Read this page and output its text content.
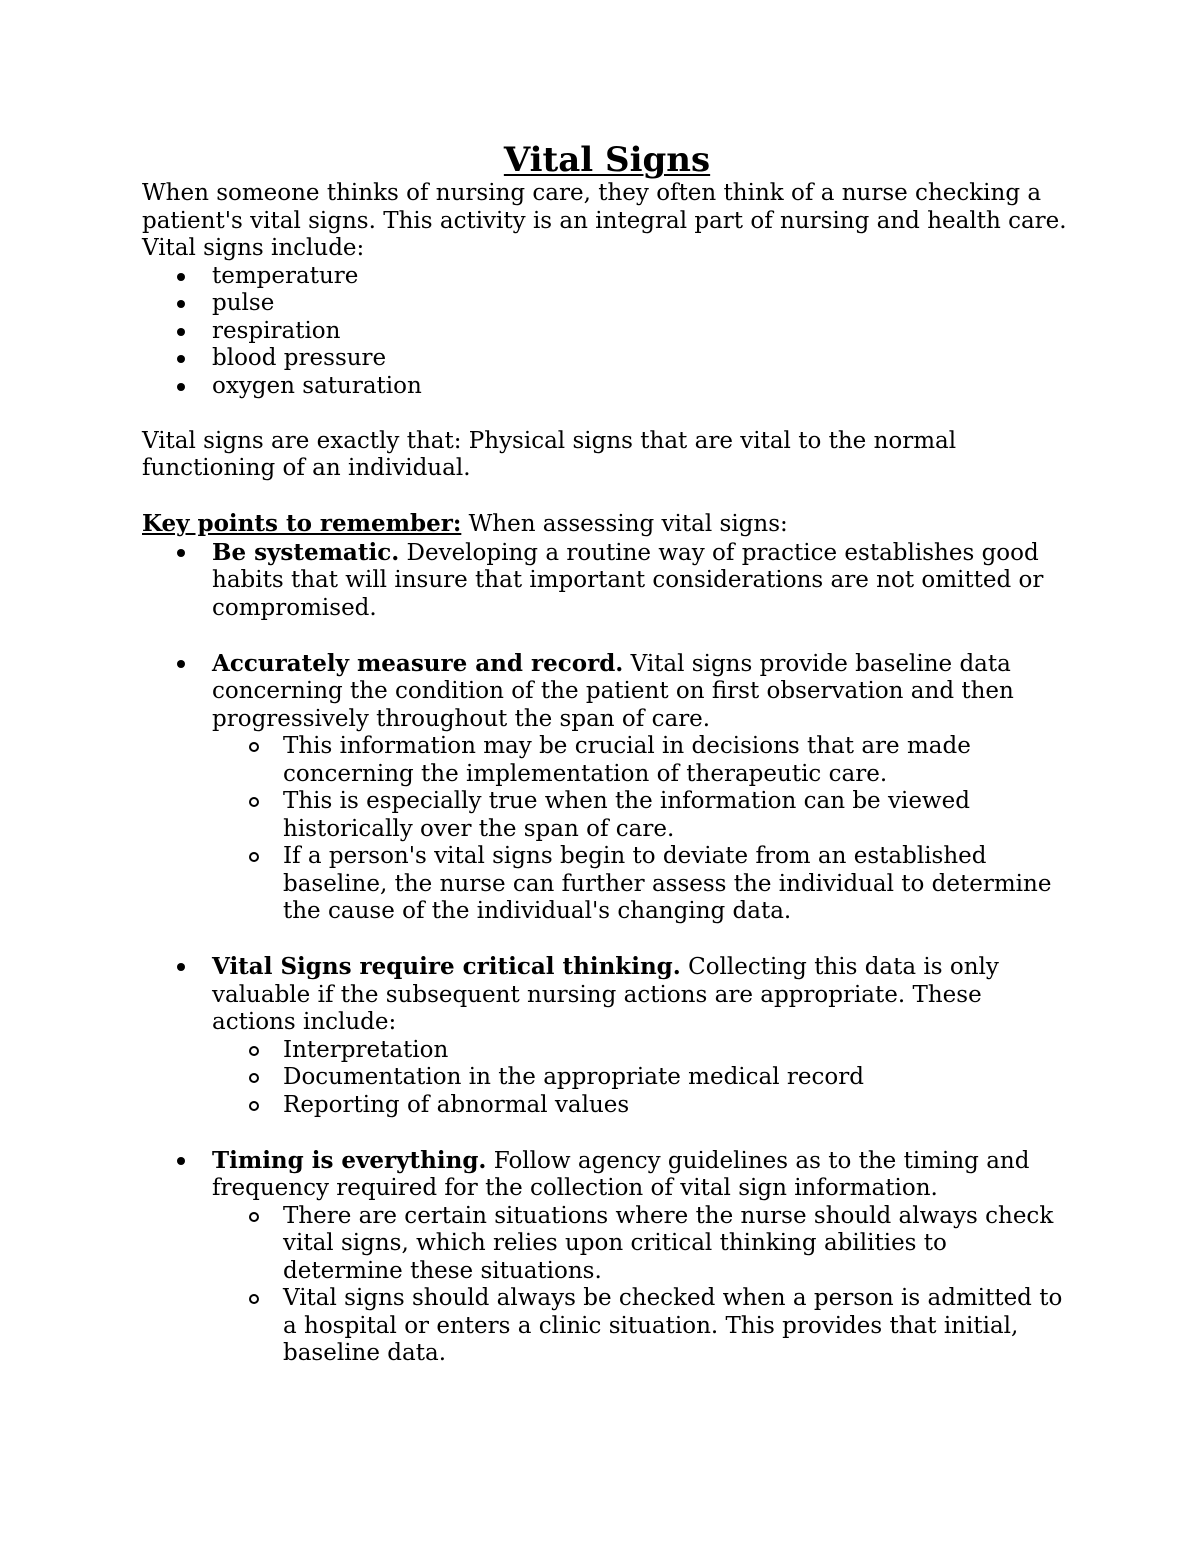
Vital Signs

When someone thinks of nursing care, they often think of a nurse checking a patient's vital signs. This activity is an integral part of nursing and health care. Vital signs include:

temperature
pulse
respiration
blood pressure
oxygen saturation

Vital signs are exactly that: Physical signs that are vital to the normal functioning of an individual.

Key points to remember: When assessing vital signs:

Be systematic. Developing a routine way of practice establishes good habits that will insure that important considerations are not omitted or compromised.
Accurately measure and record. Vital signs provide baseline data concerning the condition of the patient on first observation and then progressively throughout the span of care.
This information may be crucial in decisions that are made concerning the implementation of therapeutic care.
This is especially true when the information can be viewed historically over the span of care.
If a person's vital signs begin to deviate from an established baseline, the nurse can further assess the individual to determine the cause of the individual's changing data.
Vital Signs require critical thinking. Collecting this data is only valuable if the subsequent nursing actions are appropriate. These actions include:
Interpretation
Documentation in the appropriate medical record
Reporting of abnormal values
Timing is everything. Follow agency guidelines as to the timing and frequency required for the collection of vital sign information.
There are certain situations where the nurse should always check vital signs, which relies upon critical thinking abilities to determine these situations.
Vital signs should always be checked when a person is admitted to a hospital or enters a clinic situation. This provides that initial, baseline data.
